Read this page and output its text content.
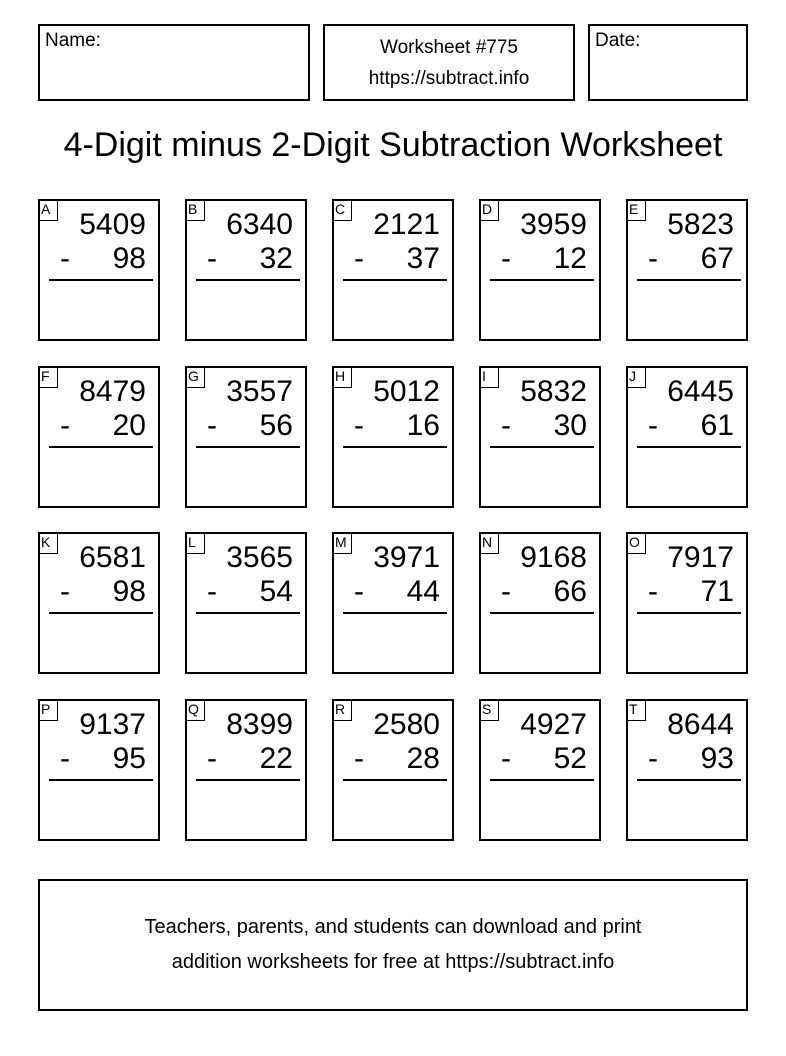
Name:	Worksheet #775
https://subtract.info
Date:
4-Digit minus 2-Digit Subtraction Worksheet
A 5409
- 98
B 6340
- 32
C 2121
- 37
D 3959
- 12
E 5823
- 67
F 8479
- 20
G 3557
- 56
H 5012
- 16
I	5832
- 30
J	6445
- 61
K 6581
- 98
L	3565
- 54
M 3971
- 44
N 9168
- 66
O 7917
- 71
P 9137
- 95
Q 8399
- 22
R 2580
- 28
S 4927
- 52
T 8644
- 93
Teachers, parents, and students can download and print
addition worksheets for free at https://subtract.info
